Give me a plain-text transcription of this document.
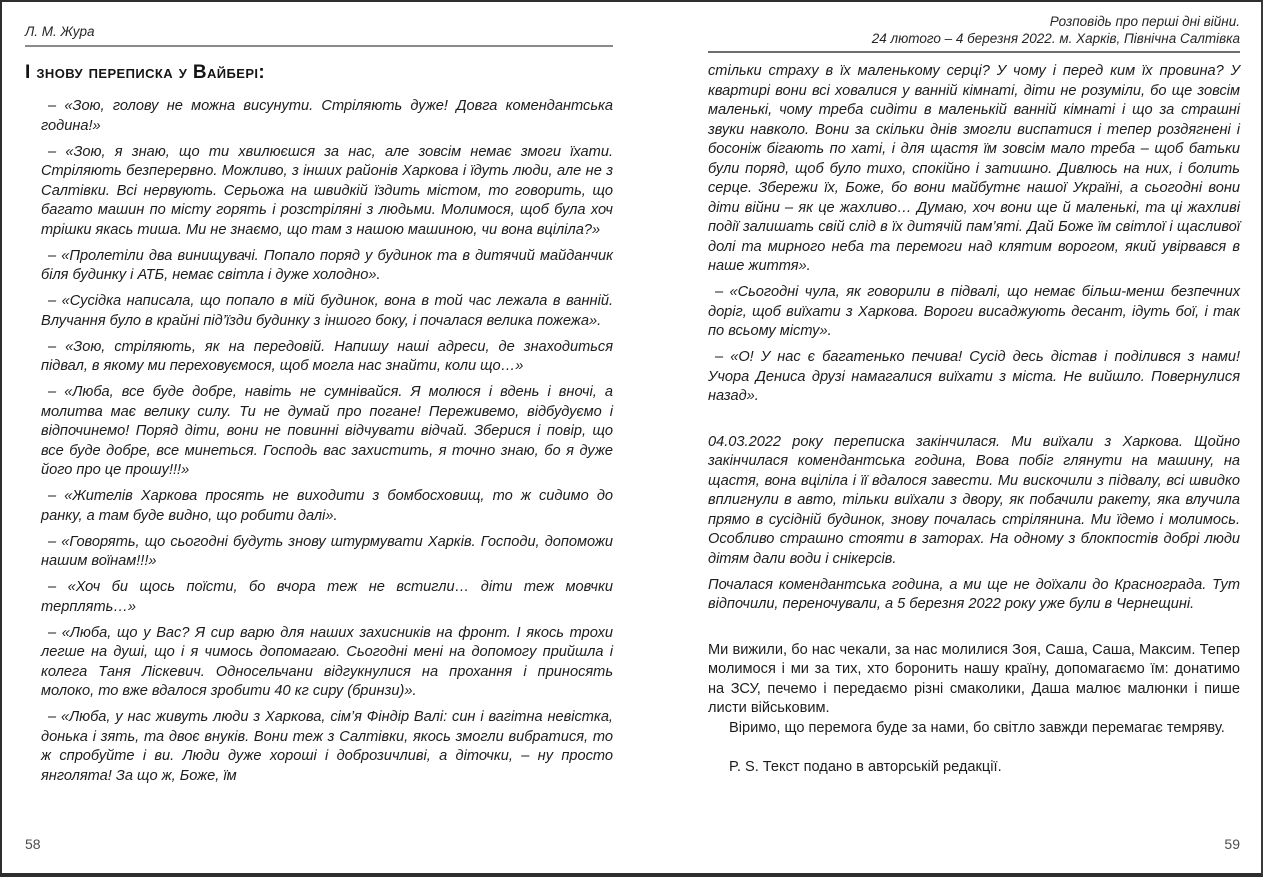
Л. М. Жура
І знову переписка у Вайбері:

– «Зою, голову не можна висунути. Стріляють дуже! Довга комендантська година!»

– «Зою, я знаю, що ти хвилюєшся за нас, але зовсім немає змоги їхати. Стріляють безперервно. Можливо, з інших районів Харкова і їдуть люди, але не з Салтівки. Всі нервують. Серьожа на швидкій їздить містом, то говорить, що багато машин по місту горять і розстріляні з людьми. Молимося, щоб була хоч трішки якась тиша. Ми не знаємо, що там з нашою машиною, чи вона вціліла?»

– «Пролетіли два винищувачі. Попало поряд у будинок та в дитячий майданчик біля будинку і АТБ, немає світла і дуже холодно».

– «Сусідка написала, що попало в мій будинок, вона в той час лежала в ванній. Влучання було в крайні під’їзди будинку з іншого боку, і почалася велика пожежа».

– «Зою, стріляють, як на передовій. Напишу наші адреси, де знаходиться підвал, в якому ми переховуємося, щоб могла нас знайти, коли що…»

– «Люба, все буде добре, навіть не сумнівайся. Я молюся і вдень і вночі, а молитва має велику силу. Ти не думай про погане! Переживемо, відбудуємо і відпочинемо! Поряд діти, вони не повинні відчувати відчай. Зберися і повір, що все буде добре, все минеться. Господь вас захистить, я точно знаю, бо я дуже його про це прошу!!!»

– «Жителів Харкова просять не виходити з бомбосховищ, то ж сидимо до ранку, а там буде видно, що робити далі».

– «Говорять, що сьогодні будуть знову штурмувати Харків. Господи, допоможи нашим воїнам!!!»

– «Хоч би щось поїсти, бо вчора теж не встигли… діти теж мовчки терплять…»

– «Люба, що у Вас? Я сир варю для наших захисників на фронт. І якось трохи легше на душі, що і я чимось допомагаю. Сьогодні мені на допомогу прийшла і колега Таня Ліскевич. Односельчани відгукнулися на прохання і приносять молоко, то вже вдалося зробити 40 кг сиру (бринзи)».

– «Люба, у нас живуть люди з Харкова, сім’я Фіндір Валі: син і вагітна невістка, донька і зять, та двоє внуків. Вони теж з Салтівки, якось змогли вибратися, то ж спробуйте і ви. Люди дуже хороші і доброзичливі, а діточки, – ну просто янголята! За що ж, Боже, їм

58
Розповідь про перші дні війни.
24 лютого – 4 березня 2022. м. Харків, Північна Салтівка

стільки страху в їх маленькому серці? У чому і перед ким їх провина? У квартирі вони всі ховалися у ванній кімнаті, діти не розуміли, бо ще зовсім маленькі, чому треба сидіти в маленькій ванній кімнаті і що за страшні звуки навколо. Вони за скільки днів змогли виспатися і тепер роздягнені і босоніж бігають по хаті, і для щастя їм зовсім мало треба – щоб батьки були поряд, щоб було тихо, спокійно і затишно. Дивлюсь на них, і болить серце. Збережи їх, Боже, бо вони майбутнє нашої Україні, а сьогодні вони діти війни – як це жахливо… Думаю, хоч вони ще й маленькі, та ці жахливі події залишать свій слід в їх дитячій пам’яті. Дай Боже їм світлої і щасливої долі та мирного неба та перемоги над клятим ворогом, який увірвався в наше життя».

– «Сьогодні чула, як говорили в підвалі, що немає більш-менш безпечних доріг, щоб виїхати з Харкова. Вороги висаджують десант, ідуть бої, і так по всьому місту».

– «О! У нас є багатенько печива! Сусід десь дістав і поділився з нами! Учора Дениса друзі намагалися виїхати з міста. Не вийшло. Повернулися назад».

04.03.2022 року переписка закінчилася. Ми виїхали з Харкова. Щойно закінчилася комендантська година, Вова побіг глянути на машину, на щастя, вона вціліла і її вдалося завести. Ми вискочили з підвалу, всі швидко вплигнули в авто, тільки виїхали з двору, як побачили ракету, яка влучила прямо в сусідній будинок, знову почалась стрілянина. Ми їдемо і молимось. Особливо страшно стояти в заторах. На одному з блокпостів добрі люди дітям дали води і снікерсів.

Почалася комендантська година, а ми ще не доїхали до Краснограда. Тут відпочили, переночували, а 5 березня 2022 року уже були в Чернещині.

Ми вижили, бо нас чекали, за нас молилися Зоя, Саша, Саша, Максим. Тепер молимося і ми за тих, хто боронить нашу країну, допомагаємо їм: донатимо на ЗСУ, печемо і передаємо різні смаколики, Даша малює малюнки і пише листи військовим.

Віримо, що перемога буде за нами, бо світло завжди перемагає темряву.

P. S. Текст подано в авторській редакції.

59
